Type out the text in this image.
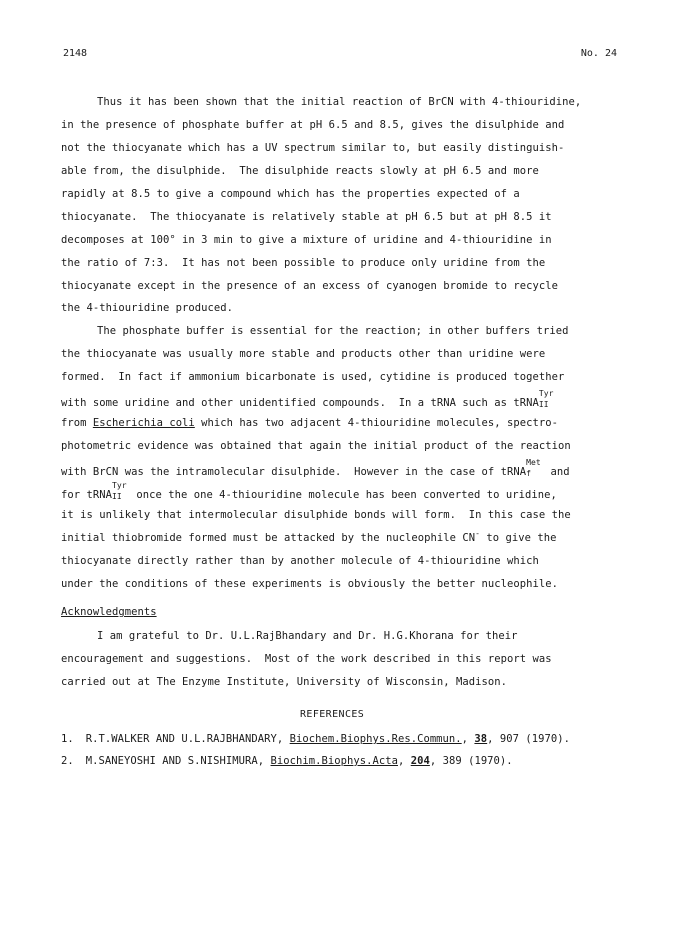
2148	No. 24
Thus it has been shown that the initial reaction of BrCN with 4-thiouridine,
in the presence of phosphate buffer at pH 6.5 and 8.5, gives the disulphide and
not the thiocyanate which has a UV spectrum similar to, but easily distinguish-
able from, the disulphide.  The disulphide reacts slowly at pH 6.5 and more
rapidly at 8.5 to give a compound which has the properties expected of a
thiocyanate.  The thiocyanate is relatively stable at pH 6.5 but at pH 8.5 it
decomposes at 100° in 3 min to give a mixture of uridine and 4-thiouridine in
the ratio of 7:3.  It has not been possible to produce only uridine from the
thiocyanate except in the presence of an excess of cyanogen bromide to recycle
the 4-thiouridine produced.
The phosphate buffer is essential for the reaction; in other buffers tried
the thiocyanate was usually more stable and products other than uridine were
formed.  In fact if ammonium bicarbonate is used, cytidine is produced together
with some uridine and other unidentified compounds.  In a tRNA such as tRNA
Tyr
II
from Escherichia coli which has two adjacent 4-thiouridine molecules, spectro-
photometric evidence was obtained that again the initial product of the reaction
with BrCN was the intramolecular disulphide.  However in the case of tRNA
Met
f and
for tRNA
Tyr
II once the one 4-thiouridine molecule has been converted to uridine,
it is unlikely that intermolecular disulphide bonds will form.  In this case the
initial thiobromide formed must be attacked by the nucleophile CN- to give the
thiocyanate directly rather than by another molecule of 4-thiouridine which
under the conditions of these experiments is obviously the better nucleophile.
Acknowledgments
I am grateful to Dr. U.L.RajBhandary and Dr. H.G.Khorana for their
encouragement and suggestions.  Most of the work described in this report was
carried out at The Enzyme Institute, University of Wisconsin, Madison.
REFERENCES
1. R.T.WALKER AND U.L.RAJBHANDARY, Biochem.Biophys.Res.Commun., 38, 907 (1970).
2. M.SANEYOSHI AND S.NISHIMURA, Biochim.Biophys.Acta, 204, 389 (1970).
